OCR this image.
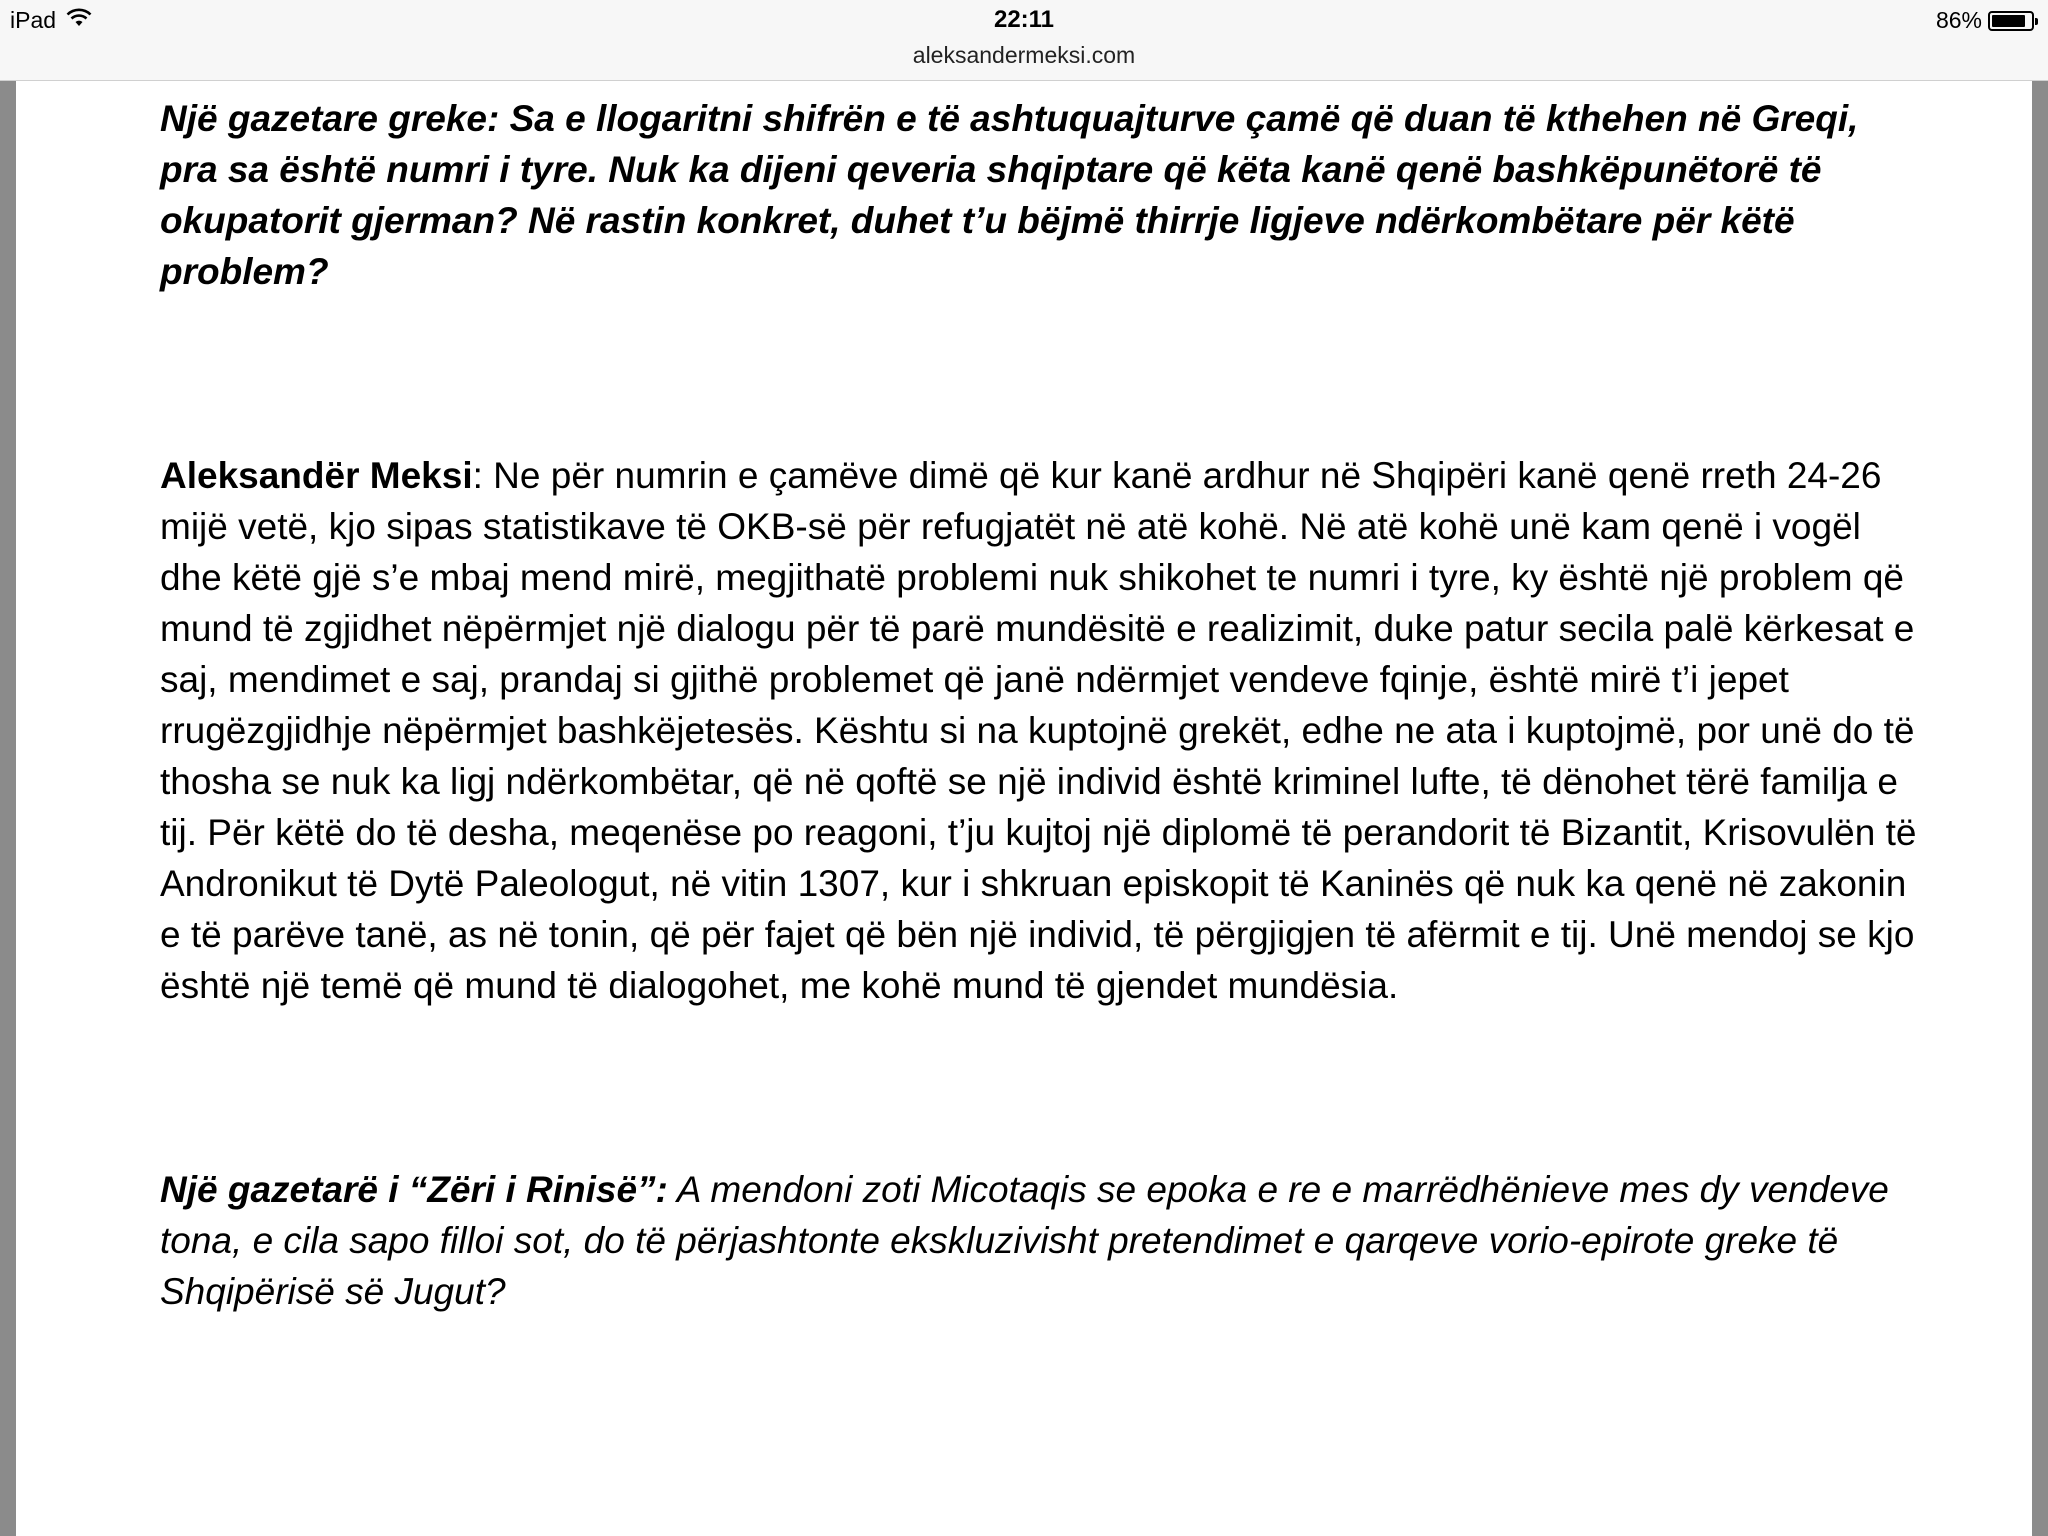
iPad	22:11	86%
aleksandermeksi.com

Një gazetare greke: Sa e llogaritni shifrën e të ashtuquajturve çamë që duan të kthehen në Greqi, pra sa është numri i tyre. Nuk ka dijeni qeveria shqiptare që këta kanë qenë bashkëpunëtorë të okupatorit gjerman? Në rastin konkret, duhet t’u bëjmë thirrje ligjeve ndërkombëtare për këtë problem?

Aleksandër Meksi: Ne për numrin e çamëve dimë që kur kanë ardhur në Shqipëri kanë qenë rreth 24-26 mijë vetë, kjo sipas statistikave të OKB-së për refugjatët në atë kohë. Në atë kohë unë kam qenë i vogël dhe këtë gjë s’e mbaj mend mirë, megjithatë problemi nuk shikohet te numri i tyre, ky është një problem që mund të zgjidhet nëpërmjet një dialogu për të parë mundësitë e realizimit, duke patur secila palë kërkesat e saj, mendimet e saj, prandaj si gjithë problemet që janë ndërmjet vendeve fqinje, është mirë t’i jepet rrugëzgjidhje nëpërmjet bashkëjetesës. Kështu si na kuptojnë grekët, edhe ne ata i kuptojmë, por unë do të thosha se nuk ka ligj ndërkombëtar, që në qoftë se një individ është kriminel lufte, të dënohet tërë familja e tij. Për këtë do të desha, meqenëse po reagoni, t’ju kujtoj një diplomë të perandorit të Bizantit, Krisovulën të Andronikut të Dytë Paleologut, në vitin 1307, kur i shkruan episkopit të Kaninës që nuk ka qenë në zakonin e të parëve tanë, as në tonin, që për fajet që bën një individ, të përgjigjen të afërmit e tij. Unë mendoj se kjo është një temë që mund të dialogohet, me kohë mund të gjendet mundësia.

Një gazetarë i “Zëri i Rinisë”: A mendoni zoti Micotaqis se epoka e re e marrëdhënieve mes dy vendeve tona, e cila sapo filloi sot, do të përjashtonte ekskluzivisht pretendimet e qarqeve vorio-epirote greke të Shqipërisë së Jugut?
